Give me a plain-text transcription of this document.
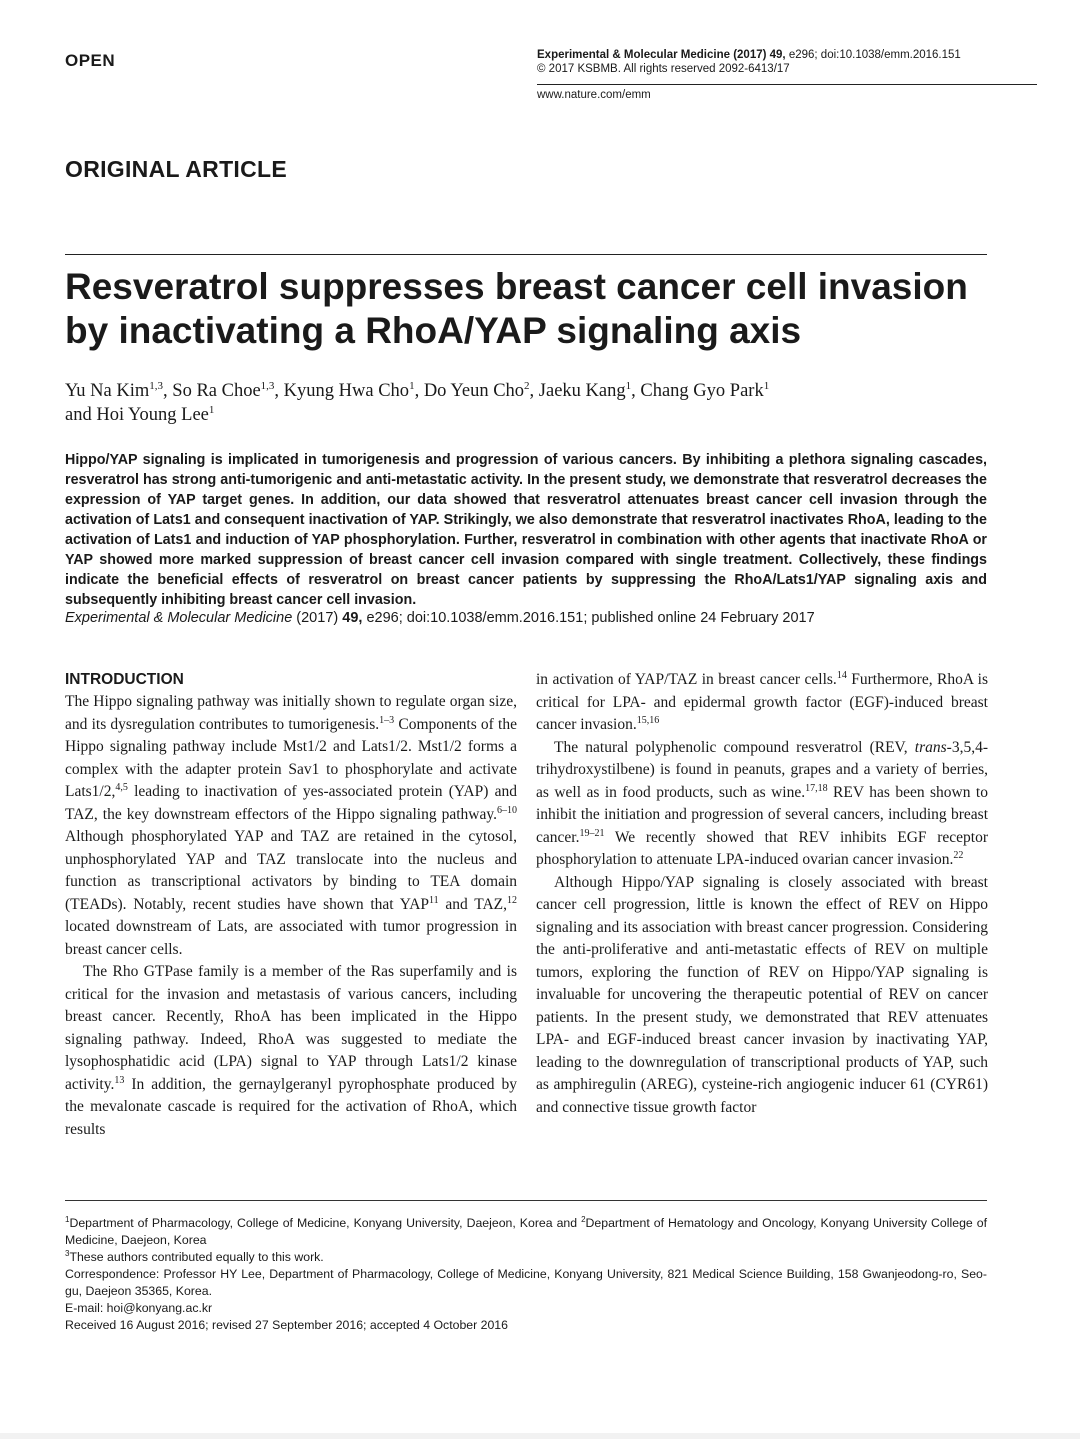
OPEN	Experimental & Molecular Medicine (2017) 49, e296; doi:10.1038/emm.2016.151
© 2017 KSBMB. All rights reserved 2092-6413/17
www.nature.com/emm
ORIGINAL ARTICLE
Resveratrol suppresses breast cancer cell invasion
by inactivating a RhoA/YAP signaling axis
Yu Na Kim$^{1,3}$, So Ra Choe$^{1,3}$, Kyung Hwa Cho$^1$, Do Yeun Cho$^2$, Jaeku Kang$^1$, Chang Gyo Park$^1$
and Hoi Young Lee$^1$
Hippo/YAP signaling is implicated in tumorigenesis and progression of various cancers. By inhibiting a plethora signaling cascades, resveratrol has strong anti-tumorigenic and anti-metastatic activity. In the present study, we demonstrate that resveratrol decreases the expression of YAP target genes. In addition, our data showed that resveratrol attenuates breast cancer cell invasion through the activation of Lats1 and consequent inactivation of YAP. Strikingly, we also demonstrate that resveratrol inactivates RhoA, leading to the activation of Lats1 and induction of YAP phosphorylation. Further, resveratrol in combination with other agents that inactivate RhoA or YAP showed more marked suppression of breast cancer cell invasion compared with single treatment. Collectively, these findings indicate the beneficial effects of resveratrol on breast cancer patients by suppressing the RhoA/Lats1/YAP signaling axis and subsequently inhibiting breast cancer cell invasion.
Experimental & Molecular Medicine (2017) 49, e296; doi:10.1038/emm.2016.151; published online 24 February 2017
INTRODUCTION

The Hippo signaling pathway was initially shown to regulate organ size, and its dysregulation contributes to tumorigenesis.$^{1-3}$ Components of the Hippo signaling pathway include Mst1/2 and Lats1/2. Mst1/2 forms a complex with the adapter protein Sav1 to phosphorylate and activate Lats1/2,$^{4,5}$ leading to inactivation of yes-associated protein (YAP) and TAZ, the key downstream effectors of the Hippo signaling pathway.$^{6-10}$ Although phosphorylated YAP and TAZ are retained in the cytosol, unphosphorylated YAP and TAZ translocate into the nucleus and function as transcriptional activators by binding to TEA domain (TEADs). Notably, recent studies have shown that YAP$^{11}$ and TAZ,$^{12}$ located downstream of Lats, are associated with tumor progression in breast cancer cells.

The Rho GTPase family is a member of the Ras superfamily and is critical for the invasion and metastasis of various cancers, including breast cancer. Recently, RhoA has been implicated in the Hippo signaling pathway. Indeed, RhoA was suggested to mediate the lysophosphatidic acid (LPA) signal to YAP through Lats1/2 kinase activity.$^{13}$ In addition, the gernaylgeranyl pyrophosphate produced by the mevalonate cascade is required for the activation of RhoA, which results

in activation of YAP/TAZ in breast cancer cells.$^{14}$ Furthermore, RhoA is critical for LPA- and epidermal growth factor (EGF)-induced breast cancer invasion.$^{15,16}$

The natural polyphenolic compound resveratrol (REV, trans-3,5,4-trihydroxystilbene) is found in peanuts, grapes and a variety of berries, as well as in food products, such as wine.$^{17,18}$ REV has been shown to inhibit the initiation and progression of several cancers, including breast cancer.$^{19-21}$ We recently showed that REV inhibits EGF receptor phosphorylation to attenuate LPA-induced ovarian cancer invasion.$^{22}$

Although Hippo/YAP signaling is closely associated with breast cancer cell progression, little is known the effect of REV on Hippo signaling and its association with breast cancer progression. Considering the anti-proliferative and anti-metastatic effects of REV on multiple tumors, exploring the function of REV on Hippo/YAP signaling is invaluable for uncovering the therapeutic potential of REV on cancer patients. In the present study, we demonstrated that REV attenuates LPA- and EGF-induced breast cancer invasion by inactivating YAP, leading to the downregulation of transcriptional products of YAP, such as amphiregulin (AREG), cysteine-rich angiogenic inducer 61 (CYR61) and connective tissue growth factor

$^1$Department of Pharmacology, College of Medicine, Konyang University, Daejeon, Korea and $^2$Department of Hematology and Oncology, Konyang University College of Medicine, Daejeon, Korea

$^3$These authors contributed equally to this work.

Correspondence: Professor HY Lee, Department of Pharmacology, College of Medicine, Konyang University, 821 Medical Science Building, 158 Gwanjeodong-ro, Seo-gu, Daejeon 35365, Korea.

E-mail: hoi@konyang.ac.kr

Received 16 August 2016; revised 27 September 2016; accepted 4 October 2016
